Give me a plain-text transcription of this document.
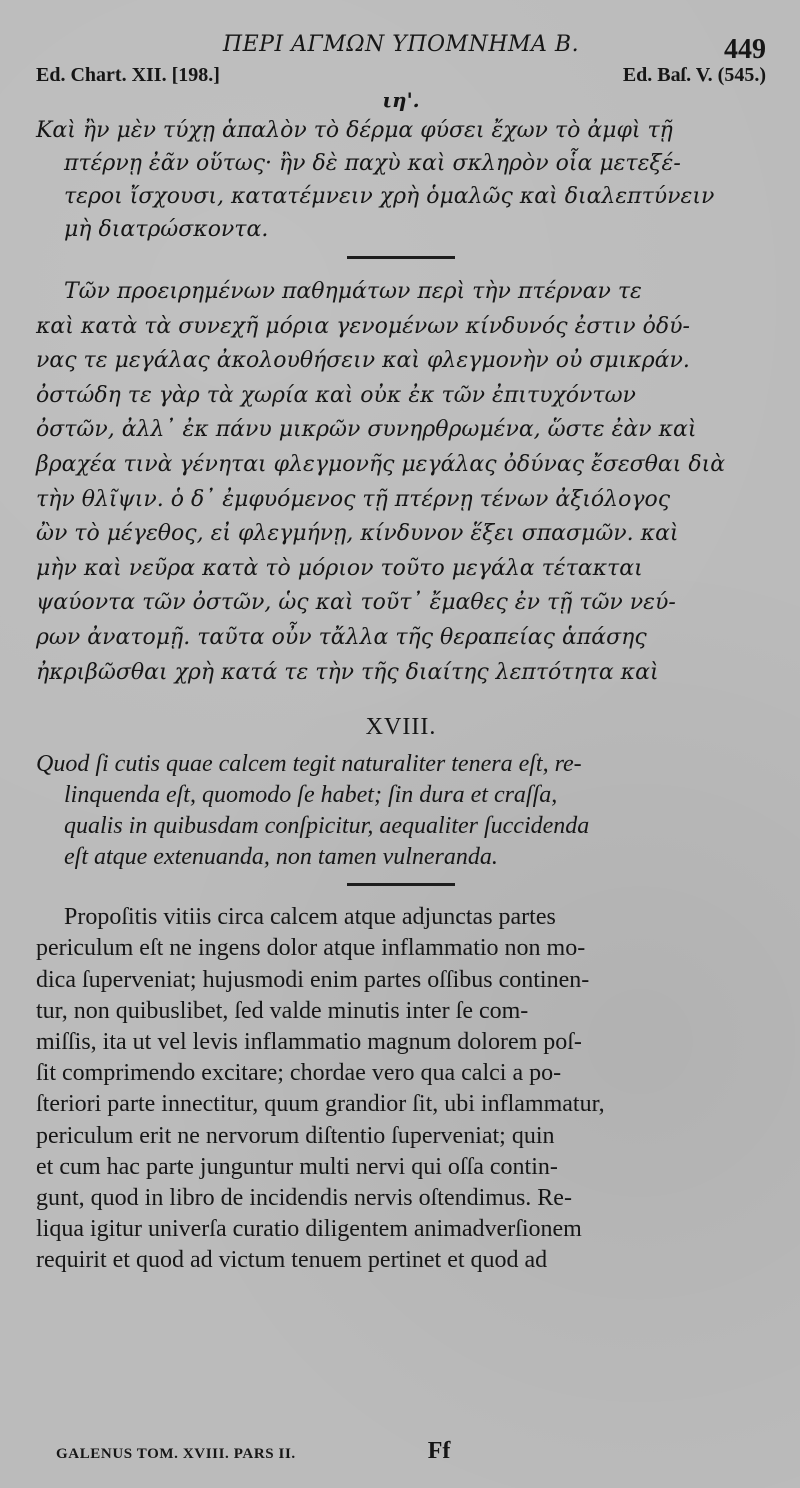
ΠΕΡΙ ΑΓΜΩΝ ΥΠΟΜΝΗΜΑ Β.	449
Ed. Chart. XII. [198.]	Ed. Baſ. V. (545.)
ιη'.

Καὶ ἢν μὲν τύχῃ ἁπαλὸν τὸ δέρμα φύσει ἔχων τὸ ἀμφὶ τῇ
πτέρνῃ ἐᾶν οὕτως· ἢν δὲ παχὺ καὶ σκληρὸν οἷα μετεξέ-
τεροι ἴσχουσι, κατατέμνειν χρὴ ὁμαλῶς καὶ διαλεπτύνειν
μὴ διατρώσκοντα.

Τῶν προειρημένων παθημάτων περὶ τὴν πτέρναν τε
καὶ κατὰ τὰ συνεχῆ μόρια γενομένων κίνδυνός ἐστιν ὀδύ-
νας τε μεγάλας ἀκολουθήσειν καὶ φλεγμονὴν οὐ σμικράν.
ὀστώδη τε γὰρ τὰ χωρία καὶ οὐκ ἐκ τῶν ἐπιτυχόντων
ὀστῶν, ἀλλ᾽ ἐκ πάνυ μικρῶν συνηρθρωμένα, ὥστε ἐὰν καὶ
βραχέα τινὰ γένηται φλεγμονῆς μεγάλας ὀδύνας ἔσεσθαι διὰ
τὴν θλῖψιν. ὁ δ᾽ ἐμφυόμενος τῇ πτέρνῃ τένων ἀξιόλογος
ὢν τὸ μέγεθος, εἰ φλεγμήνῃ, κίνδυνον ἕξει σπασμῶν. καὶ
μὴν καὶ νεῦρα κατὰ τὸ μόριον τοῦτο μεγάλα τέτακται
ψαύοντα τῶν ὀστῶν, ὡς καὶ τοῦτ᾽ ἔμαθες ἐν τῇ τῶν νεύ-
ρων ἀνατομῇ. ταῦτα οὖν τἄλλα τῆς θεραπείας ἁπάσης
ἠκριβῶσθαι χρὴ κατά τε τὴν τῆς διαίτης λεπτότητα καὶ

XVIII.

Quod ſi cutis quae calcem tegit naturaliter tenera eſt, re-
linquenda eſt, quomodo ſe habet; ſin dura et craſſa,
qualis in quibusdam conſpicitur, aequaliter ſuccidenda
eſt atque extenuanda, non tamen vulneranda.

Propoſitis vitiis circa calcem atque adjunctas partes
periculum eſt ne ingens dolor atque inflammatio non mo-
dica ſuperveniat; hujusmodi enim partes oſſibus continen-
tur, non quibuslibet, ſed valde minutis inter ſe com-
miſſis, ita ut vel levis inflammatio magnum dolorem poſ-
ſit comprimendo excitare; chordae vero qua calci a po-
ſteriori parte innectitur, quum grandior ſit, ubi inflammatur,
periculum erit ne nervorum diſtentio ſuperveniat; quin
et cum hac parte junguntur multi nervi qui oſſa contin-
gunt, quod in libro de incidendis nervis oſtendimus. Re-
liqua igitur univerſa curatio diligentem animadverſionem
requirit et quod ad victum tenuem pertinet et quod ad

GALENUS TOM. XVIII. PARS II.	Ff
